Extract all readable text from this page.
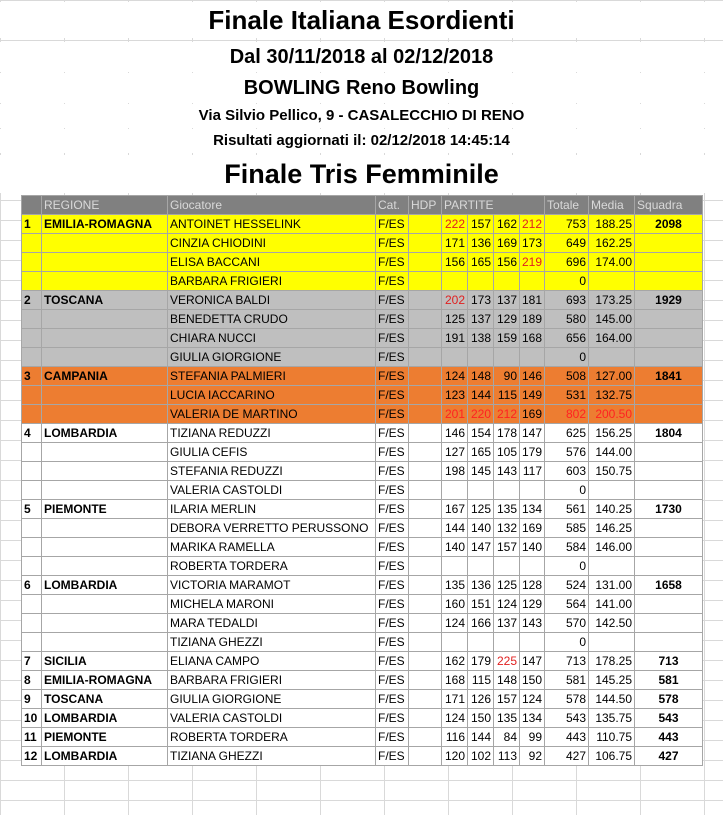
Finale Italiana Esordienti
Dal 30/11/2018 al 02/12/2018
BOWLING Reno Bowling
Via Silvio Pellico, 9 - CASALECCHIO DI RENO
Risultati aggiornati il: 02/12/2018 14:45:14
Finale Tris Femminile
	REGIONE	Giocatore	Cat.	HDP	PARTITE				Totale	Media	Squadra
1	EMILIA-ROMAGNA	ANTOINET HESSELINK	F/ES		222	157	162	212	753	188.25	2098
		CINZIA CHIODINI	F/ES		171	136	169	173	649	162.25	
		ELISA BACCANI	F/ES		156	165	156	219	696	174.00	
		BARBARA FRIGIERI	F/ES						0		
2	TOSCANA	VERONICA BALDI	F/ES		202	173	137	181	693	173.25	1929
		BENEDETTA CRUDO	F/ES		125	137	129	189	580	145.00	
		CHIARA NUCCI	F/ES		191	138	159	168	656	164.00	
		GIULIA GIORGIONE	F/ES						0		
3	CAMPANIA	STEFANIA PALMIERI	F/ES		124	148	90	146	508	127.00	1841
		LUCIA IACCARINO	F/ES		123	144	115	149	531	132.75	
		VALERIA DE MARTINO	F/ES		201	220	212	169	802	200.50	
4	LOMBARDIA	TIZIANA REDUZZI	F/ES		146	154	178	147	625	156.25	1804
		GIULIA CEFIS	F/ES		127	165	105	179	576	144.00	
		STEFANIA REDUZZI	F/ES		198	145	143	117	603	150.75	
		VALERIA CASTOLDI	F/ES						0		
5	PIEMONTE	ILARIA MERLIN	F/ES		167	125	135	134	561	140.25	1730
		DEBORA VERRETTO PERUSSONO	F/ES		144	140	132	169	585	146.25	
		MARIKA RAMELLA	F/ES		140	147	157	140	584	146.00	
		ROBERTA TORDERA	F/ES						0		
6	LOMBARDIA	VICTORIA MARAMOT	F/ES		135	136	125	128	524	131.00	1658
		MICHELA MARONI	F/ES		160	151	124	129	564	141.00	
		MARA TEDALDI	F/ES		124	166	137	143	570	142.50	
		TIZIANA GHEZZI	F/ES						0		
7	SICILIA	ELIANA CAMPO	F/ES		162	179	225	147	713	178.25	713
8	EMILIA-ROMAGNA	BARBARA FRIGIERI	F/ES		168	115	148	150	581	145.25	581
9	TOSCANA	GIULIA GIORGIONE	F/ES		171	126	157	124	578	144.50	578
10	LOMBARDIA	VALERIA CASTOLDI	F/ES		124	150	135	134	543	135.75	543
11	PIEMONTE	ROBERTA TORDERA	F/ES		116	144	84	99	443	110.75	443
12	LOMBARDIA	TIZIANA GHEZZI	F/ES		120	102	113	92	427	106.75	427
